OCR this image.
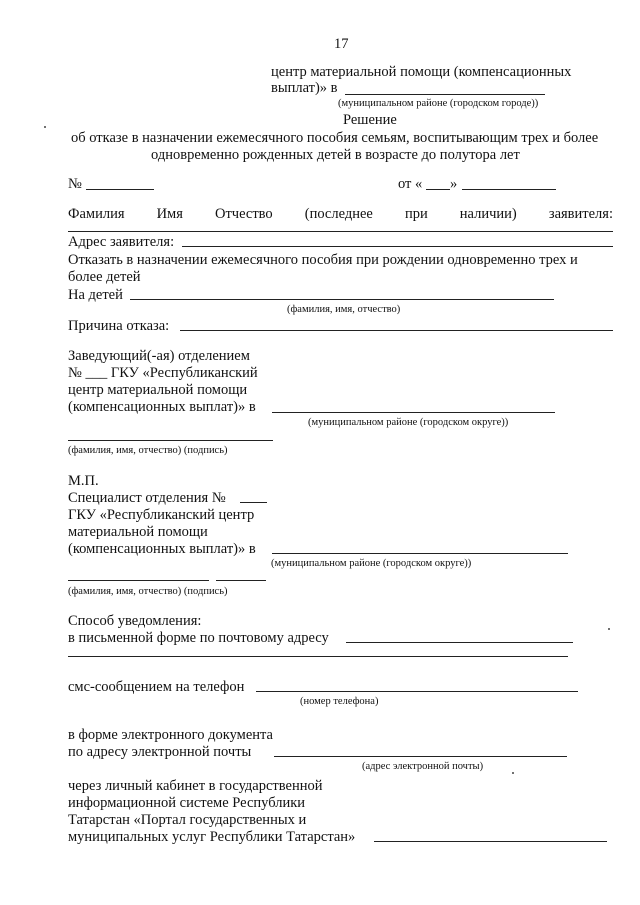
17
центр материальной помощи (компенсационных
выплат)» в
(муниципальном районе (городском городе))
Решение
об отказе в назначении ежемесячного пособия семьям, воспитывающим трех и более
одновременно рожденных детей в возрасте до полутора лет
№	от « »
Фамилия Имя Отчество (последнее при наличии) заявителя:
Адрес заявителя:
Отказать в назначении ежемесячного пособия при рождении одновременно трех и
более детей
На детей
(фамилия, имя, отчество)
Причина отказа:
Заведующий(-ая) отделением
№ ___ ГКУ «Республиканский
центр материальной помощи
(компенсационных выплат)» в
(муниципальном районе (городском округе))
(фамилия, имя, отчество) (подпись)
М.П.
Специалист отделения №
ГКУ «Республиканский центр
материальной помощи
(компенсационных выплат)» в
(муниципальном районе (городском округе))
(фамилия, имя, отчество) (подпись)
Способ уведомления:
в письменной форме по почтовому адресу
смс-сообщением на телефон
(номер телефона)
в форме электронного документа
по адресу электронной почты
(адрес электронной почты)
через личный кабинет в государственной
информационной системе Республики
Татарстан «Портал государственных и
муниципальных услуг Республики Татарстан»
